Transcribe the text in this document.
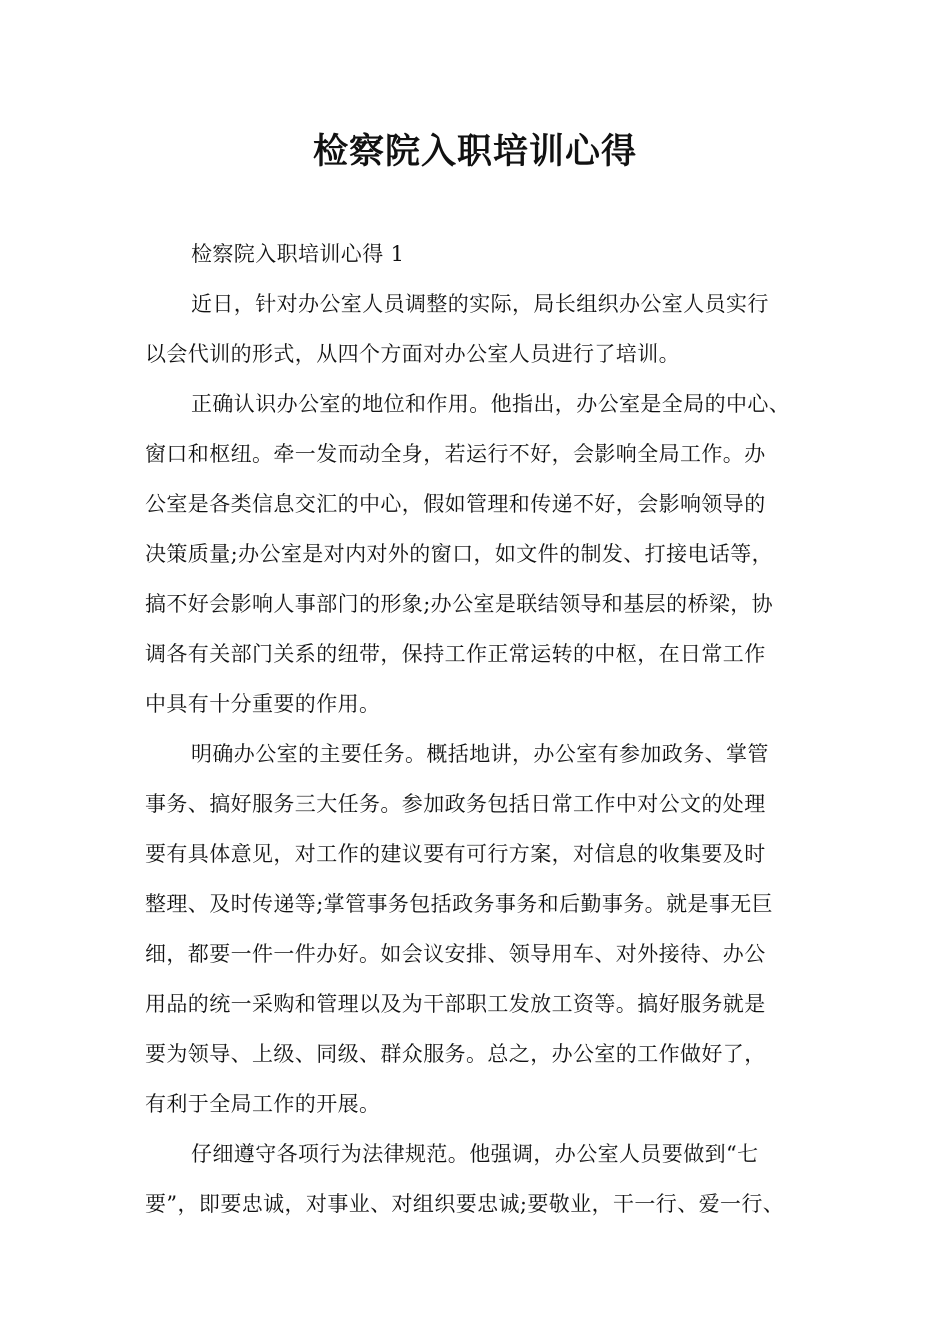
检察院入职培训心得
检察院入职培训心得 1
近日，针对办公室人员调整的实际，局长组织办公室人员实行
以会代训的形式，从四个方面对办公室人员进行了培训。
正确认识办公室的地位和作用。他指出，办公室是全局的中心、
窗口和枢纽。牵一发而动全身，若运行不好，会影响全局工作。办
公室是各类信息交汇的中心，假如管理和传递不好，会影响领导的
决策质量;办公室是对内对外的窗口，如文件的制发、打接电话等，
搞不好会影响人事部门的形象;办公室是联结领导和基层的桥梁，协
调各有关部门关系的纽带，保持工作正常运转的中枢，在日常工作
中具有十分重要的作用。
明确办公室的主要任务。概括地讲，办公室有参加政务、掌管
事务、搞好服务三大任务。参加政务包括日常工作中对公文的处理
要有具体意见，对工作的建议要有可行方案，对信息的收集要及时
整理、及时传递等;掌管事务包括政务事务和后勤事务。就是事无巨
细，都要一件一件办好。如会议安排、领导用车、对外接待、办公
用品的统一采购和管理以及为干部职工发放工资等。搞好服务就是
要为领导、上级、同级、群众服务。总之，办公室的工作做好了，
有利于全局工作的开展。
仔细遵守各项行为法律规范。他强调，办公室人员要做到“七
要”，即要忠诚，对事业、对组织要忠诚;要敬业，干一行、爱一行、
